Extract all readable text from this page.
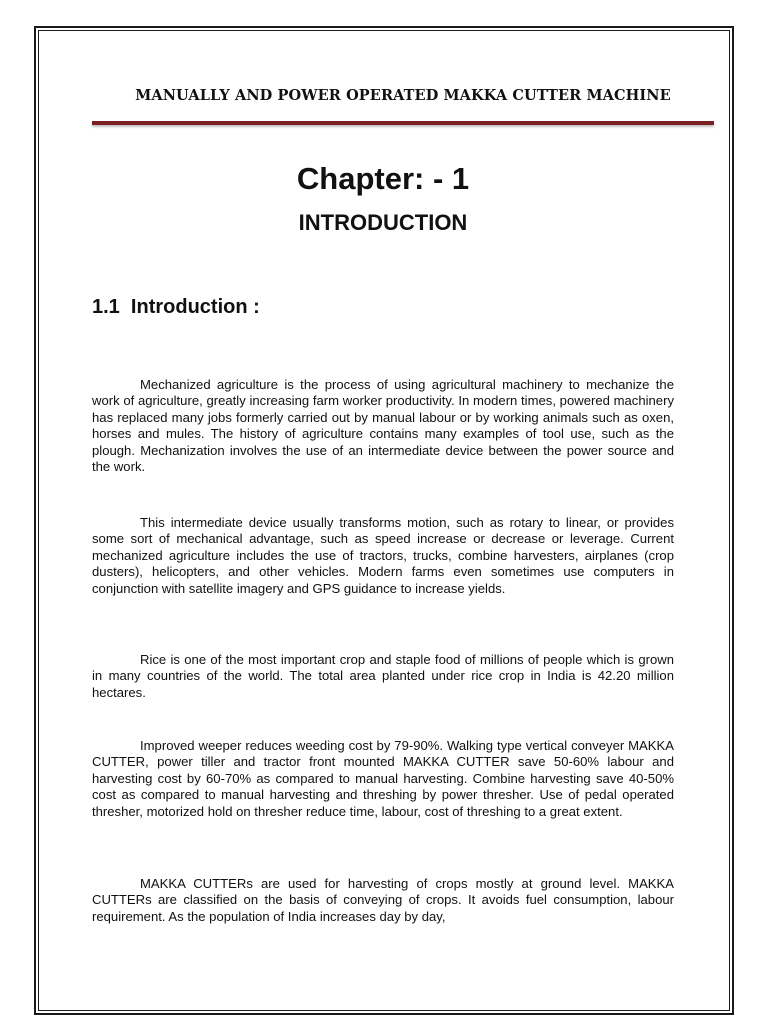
MANUALLY AND POWER OPERATED MAKKA CUTTER MACHINE
Chapter: - 1
INTRODUCTION
1.1  Introduction :

Mechanized agriculture is the process of using agricultural machinery to mechanize the work of agriculture, greatly increasing farm worker productivity. In modern times, powered machinery has replaced many jobs formerly carried out by manual labour or by working animals such as oxen, horses and mules. The history of agriculture contains many examples of tool use, such as the plough. Mechanization involves the use of an intermediate device between the power source and the work.

This intermediate device usually transforms motion, such as rotary to linear, or provides some sort of mechanical advantage, such as speed increase or decrease or leverage. Current mechanized agriculture includes the use of tractors, trucks, combine harvesters, airplanes (crop dusters), helicopters, and other vehicles. Modern farms even sometimes use computers in conjunction with satellite imagery and GPS guidance to increase yields.

Rice is one of the most important crop and staple food of millions of people which is grown in many countries of the world. The total area planted under rice crop in India is 42.20 million hectares.

Improved weeper reduces weeding cost by 79-90%. Walking type vertical conveyer MAKKA CUTTER, power tiller and tractor front mounted MAKKA CUTTER save 50-60% labour and harvesting cost by 60-70% as compared to manual harvesting. Combine harvesting save 40-50% cost as compared to manual harvesting and threshing by power thresher. Use of pedal operated thresher, motorized hold on thresher reduce time, labour, cost of threshing to a great extent.

MAKKA CUTTERs are used for harvesting of crops mostly at ground level. MAKKA CUTTERs are classified on the basis of conveying of crops. It avoids fuel consumption, labour requirement. As the population of India increases day by day,
